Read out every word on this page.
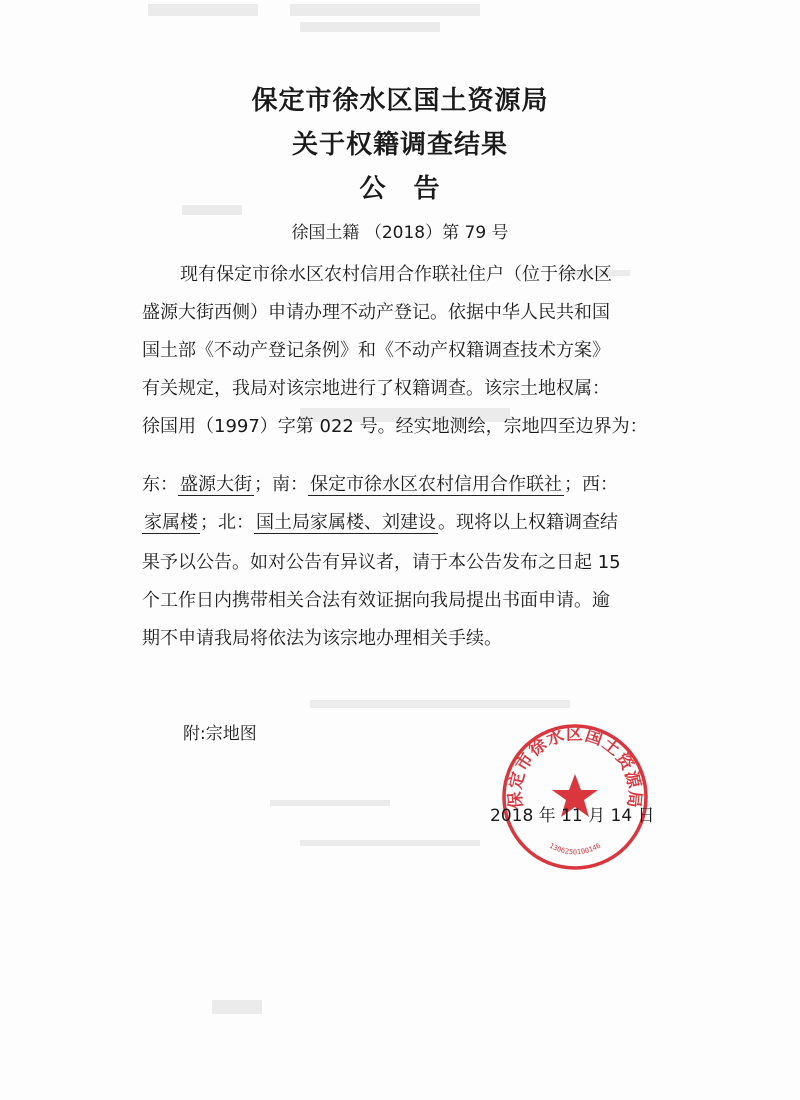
保定市徐水区国土资源局
关于权籍调查结果
公　告
徐国土籍 （2018）第 79 号
现有保定市徐水区农村信用合作联社住户（位于徐水区
盛源大街西侧）申请办理不动产登记。依据中华人民共和国
国土部《不动产登记条例》和《不动产权籍调查技术方案》
有关规定，我局对该宗地进行了权籍调查。该宗土地权属：
徐国用（1997）字第 022 号。经实地测绘，宗地四至边界为：
东： 盛源大街 ；南： 保定市徐水区农村信用合作联社 ；西：
家属楼 ；北： 国土局家属楼、刘建设 。现将以上权籍调查结
果予以公告。如对公告有异议者，请于本公告发布之日起 15
个工作日内携带相关合法有效证据向我局提出书面申请。逾
期不申请我局将依法为该宗地办理相关手续。
附:宗地图
保定市徐水区国土资源局
1306250100146
2018 年 11 月 14 日
